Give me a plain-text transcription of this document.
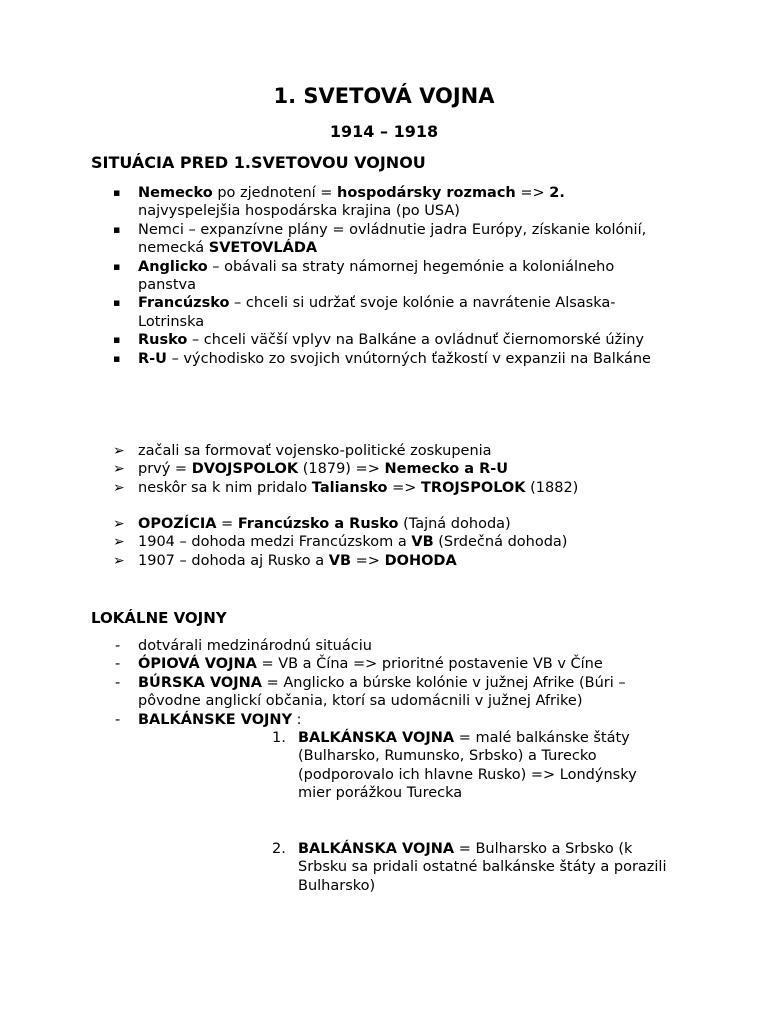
1. SVETOVÁ VOJNA
1914 – 1918
SITUÁCIA PRED 1.SVETOVOU VOJNOU
▪	Nemecko po zjednotení = hospodársky rozmach => 2. najvyspelejšia hospodárska krajina (po USA)
▪	Nemci – expanzívne plány = ovládnutie jadra Európy, získanie kolónií, nemecká SVETOVLÁDA
▪	Anglicko – obávali sa straty námornej hegemónie a koloniálneho panstva
▪	Francúzsko – chceli si udržať svoje kolónie a navrátenie Alsaska-Lotrinska
▪	Rusko – chceli väčší vplyv na Balkáne a ovládnuť čiernomorské úžiny
▪	R-U – východisko zo svojich vnútorných ťažkostí v expanzii na Balkáne
➢ začali sa formovať vojensko-politické zoskupenia
➢ prvý = DVOJSPOLOK (1879) => Nemecko a R-U
➢ neskôr sa k nim pridalo Taliansko => TROJSPOLOK (1882)
➢ OPOZÍCIA = Francúzsko a Rusko (Tajná dohoda)
➢ 1904 – dohoda medzi Francúzskom a VB (Srdečná dohoda)
➢ 1907 – dohoda aj Rusko a VB => DOHODA
LOKÁLNE VOJNY
-	dotvárali medzinárodnú situáciu
-	ÓPIOVÁ VOJNA = VB a Čína => prioritné postavenie VB v Číne
-	BÚRSKA VOJNA = Anglicko a búrske kolónie v južnej Afrike (Búri – pôvodne anglickí občania, ktorí sa udomácnili v južnej Afrike)
-	BALKÁNSKE VOJNY :
1. BALKÁNSKA VOJNA = malé balkánske štáty (Bulharsko, Rumunsko, Srbsko) a Turecko (podporovalo ich hlavne Rusko) => Londýnsky mier porážkou Turecka
2. BALKÁNSKA VOJNA = Bulharsko a Srbsko (k Srbsku sa pridali ostatné balkánske štáty a porazili Bulharsko)
